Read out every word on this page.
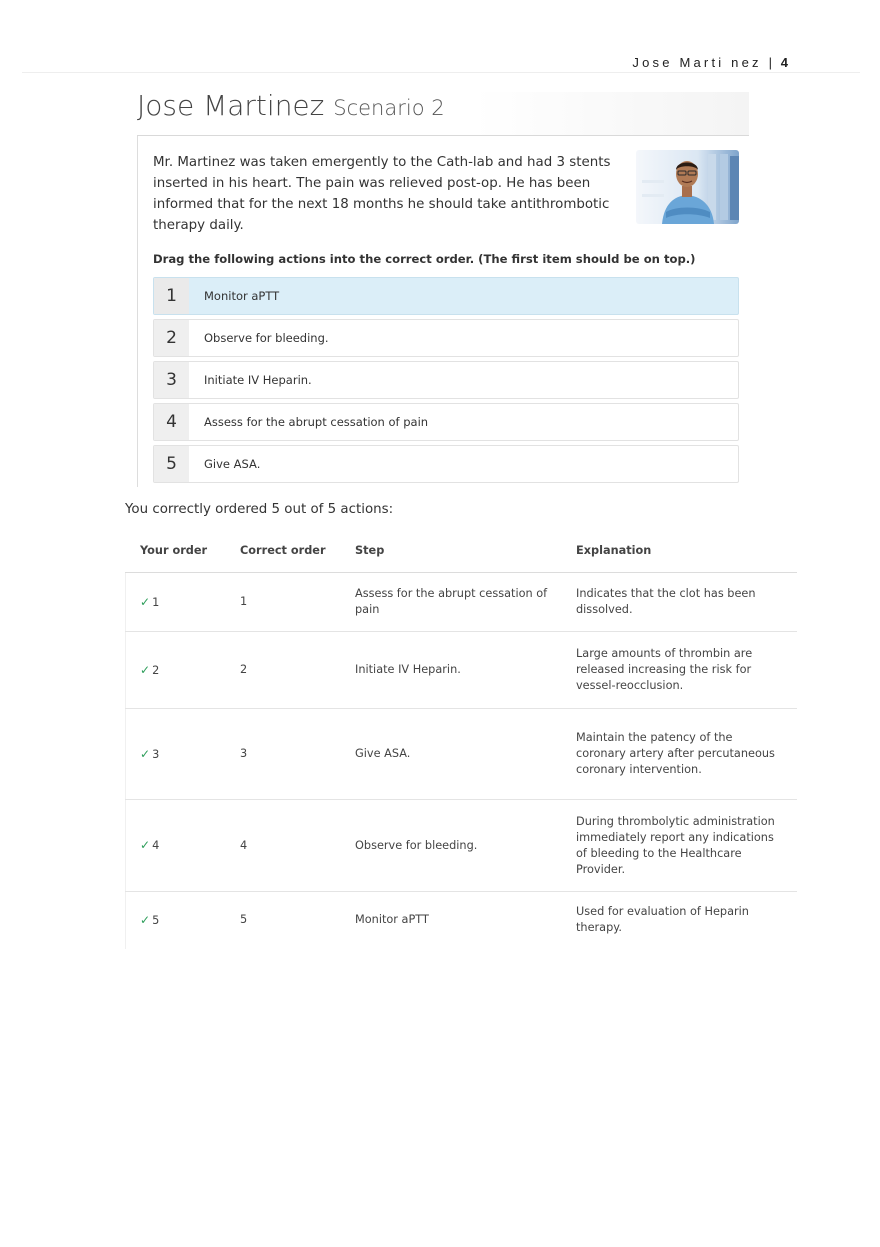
Jose Marti nez | 4
Jose Martinez Scenario 2
Mr. Martinez was taken emergently to the Cath-lab and had 3 stents inserted in his heart. The pain was relieved post-op. He has been informed that for the next 18 months he should take antithrombotic therapy daily.
Drag the following actions into the correct order. (The first item should be on top.)
1	Monitor aPTT
2	Observe for bleeding.
3	Initiate IV Heparin.
4	Assess for the abrupt cessation of pain
5	Give ASA.
You correctly ordered 5 out of 5 actions:
Your order	Correct order	Step	Explanation
✓ 1	1	Assess for the abrupt cessation of pain	Indicates that the clot has been dissolved.
✓ 2	2	Initiate IV Heparin.	Large amounts of thrombin are released increasing the risk for vessel-reocclusion.
✓ 3	3	Give ASA.	Maintain the patency of the coronary artery after percutaneous coronary intervention.
✓ 4	4	Observe for bleeding.	During thrombolytic administration immediately report any indications of bleeding to the Healthcare Provider.
✓ 5	5	Monitor aPTT	Used for evaluation of Heparin therapy.
